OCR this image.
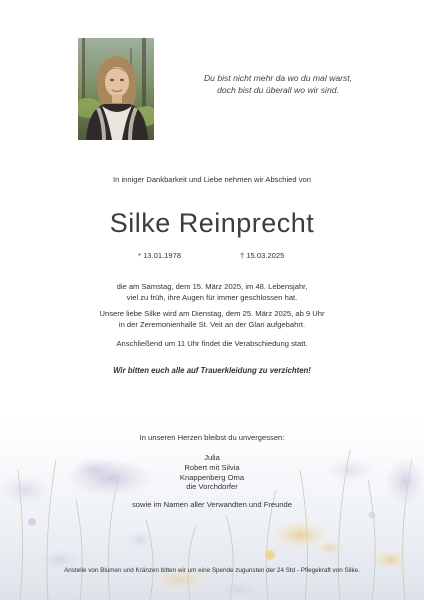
Du bist nicht mehr da wo du mal warst,
doch bist du überall wo wir sind.
In inniger Dankbarkeit und Liebe nehmen wir Abschied von
Silke Reinprecht
* 13.01.1978	† 15.03.2025
die am Samstag, dem 15. März 2025, im 48. Lebensjahr,
viel zu früh, ihre Augen für immer geschlossen hat.
Unsere liebe Silke wird am Dienstag, dem 25. März 2025, ab 9 Uhr
in der Zeremonienhalle St. Veit an der Glan aufgebahrt.
Anschließend um 11 Uhr findet die Verabschiedung statt.
Wir bitten euch alle auf Trauerkleidung zu verzichten!
In unseren Herzen bleibst du unvergessen:
Julia
Robert mit Silvia
Knappenberg Oma
die Vorchdorfer
sowie im Namen aller Verwandten und Freunde
Anstelle von Blumen und Kränzen bitten wir um eine Spende zugunsten der 24 Std - Pflegekraft von Silke.
